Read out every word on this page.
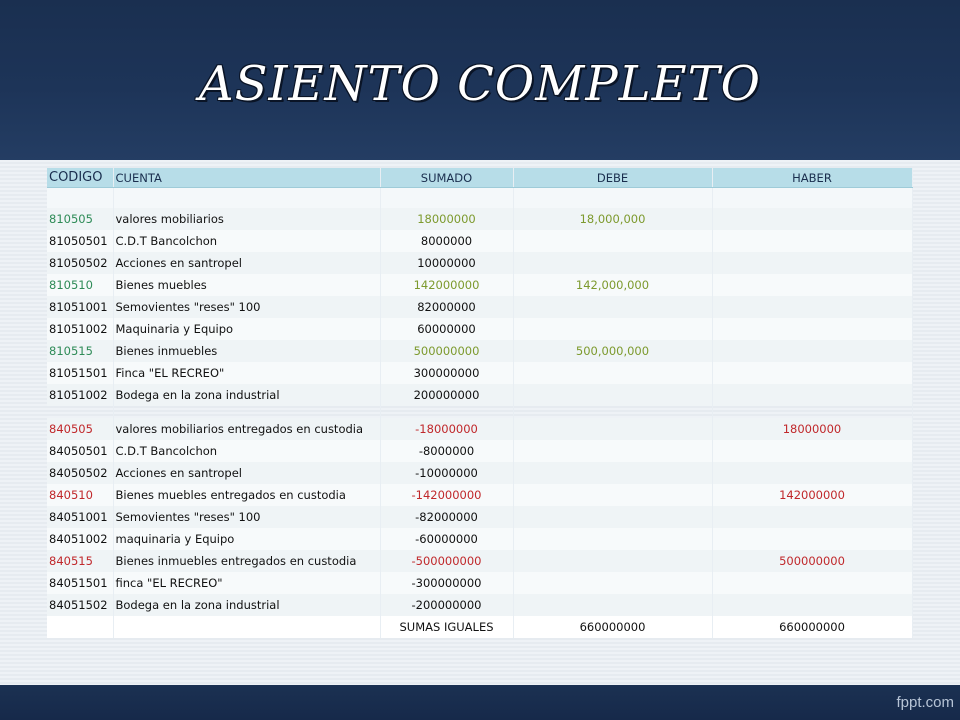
ASIENTO COMPLETO
fppt.com
CODIGO	CUENTA	SUMADO	DEBE	HABER

810505	valores mobiliarios	18000000	18,000,000	
81050501	C.D.T Bancolchon	8000000		
81050502	Acciones en santropel	10000000		
810510	Bienes muebles	142000000	142,000,000	
81051001	Semovientes "reses" 100	82000000		
81051002	Maquinaria y Equipo	60000000		
810515	Bienes inmuebles	500000000	500,000,000	
81051501	Finca "EL RECREO"	300000000		
81051002	Bodega en la zona industrial	200000000		

840505	valores mobiliarios entregados en custodia	-18000000		18000000
84050501	C.D.T Bancolchon	-8000000		
84050502	Acciones en santropel	-10000000		
840510	Bienes muebles entregados en custodia	-142000000		142000000
84051001	Semovientes "reses" 100	-82000000		
84051002	maquinaria y Equipo	-60000000		
840515	Bienes inmuebles entregados en custodia	-500000000		500000000
84051501	finca "EL RECREO"	-300000000		
84051502	Bodega en la zona industrial	-200000000		
		SUMAS IGUALES	660000000	660000000
